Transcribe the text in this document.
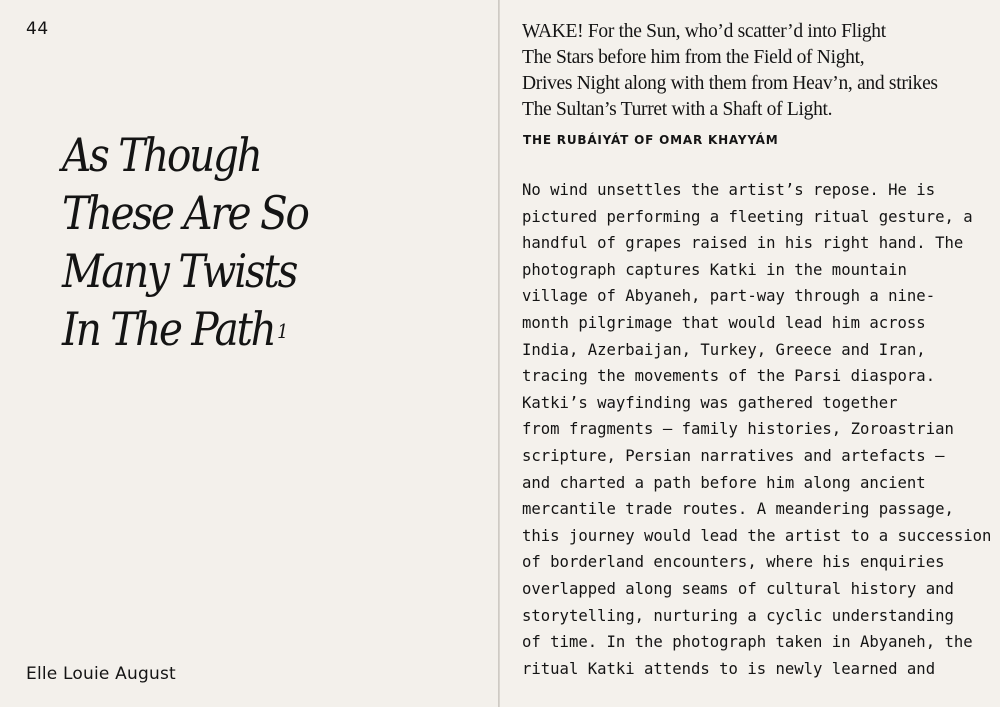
44
As Though
These Are So
Many Twists
In The Path $^1$
Elle Louie August
WAKE! For the Sun, who’d scatter’d into Flight
The Stars before him from the Field of Night,
Drives Night along with them from Heav’n, and strikes
The Sultan’s Turret with a Shaft of Light.
THE RUBÁIYÁT OF OMAR KHAYYÁM
No wind unsettles the artist’s repose. He is
pictured performing a fleeting ritual gesture, a
handful of grapes raised in his right hand. The
photograph captures Katki in the mountain
village of Abyaneh, part-way through a nine-
month pilgrimage that would lead him across
India, Azerbaijan, Turkey, Greece and Iran,
tracing the movements of the Parsi diaspora.
Katki’s wayfinding was gathered together
from fragments — family histories, Zoroastrian
scripture, Persian narratives and artefacts —
and charted a path before him along ancient
mercantile trade routes. A meandering passage,
this journey would lead the artist to a succession
of borderland encounters, where his enquiries
overlapped along seams of cultural history and
storytelling, nurturing a cyclic understanding
of time. In the photograph taken in Abyaneh, the
ritual Katki attends to is newly learned and
